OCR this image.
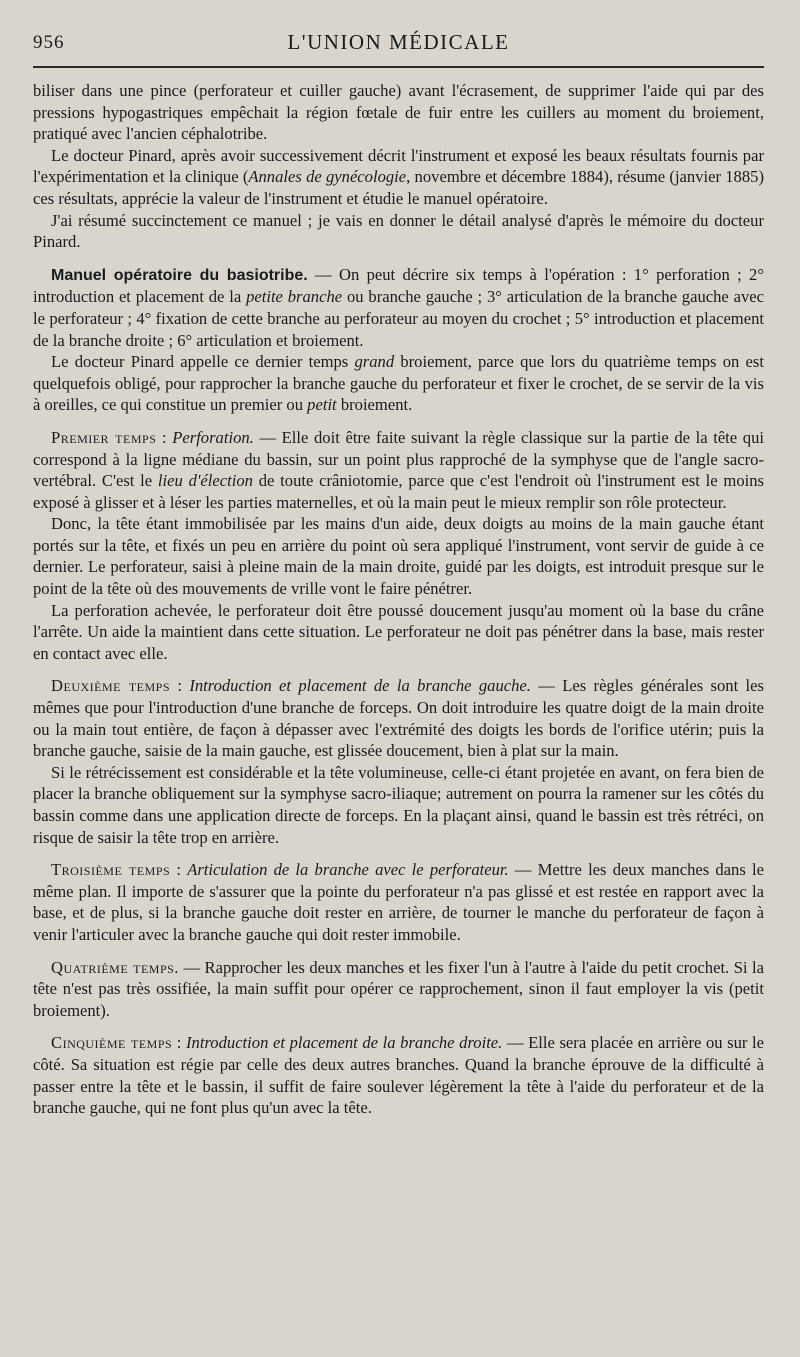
956	L'UNION MÉDICALE

biliser dans une pince (perforateur et cuiller gauche) avant l'écrasement, de supprimer l'aide qui par des pressions hypogastriques empêchait la région fœtale de fuir entre les cuillers au moment du broiement, pratiqué avec l'ancien céphalotribe.

Le docteur Pinard, après avoir successivement décrit l'instrument et exposé les beaux résultats fournis par l'expérimentation et la clinique (Annales de gynécologie, novembre et décembre 1884), résume (janvier 1885) ces résultats, apprécie la valeur de l'instrument et étudie le manuel opératoire.

J'ai résumé succinctement ce manuel ; je vais en donner le détail analysé d'après le mémoire du docteur Pinard.

Manuel opératoire du basiotribe. — On peut décrire six temps à l'opération : 1° perforation ; 2° introduction et placement de la petite branche ou branche gauche ; 3° articulation de la branche gauche avec le perforateur ; 4° fixation de cette branche au perforateur au moyen du crochet ; 5° introduction et placement de la branche droite ; 6° articulation et broiement.

Le docteur Pinard appelle ce dernier temps grand broiement, parce que lors du quatrième temps on est quelquefois obligé, pour rapprocher la branche gauche du perforateur et fixer le crochet, de se servir de la vis à oreilles, ce qui constitue un premier ou petit broiement.

Premier temps : Perforation. — Elle doit être faite suivant la règle classique sur la partie de la tête qui correspond à la ligne médiane du bassin, sur un point plus rapproché de la symphyse que de l'angle sacro-vertébral. C'est le lieu d'élection de toute crâniotomie, parce que c'est l'endroit où l'instrument est le moins exposé à glisser et à léser les parties maternelles, et où la main peut le mieux remplir son rôle protecteur.

Donc, la tête étant immobilisée par les mains d'un aide, deux doigts au moins de la main gauche étant portés sur la tête, et fixés un peu en arrière du point où sera appliqué l'instrument, vont servir de guide à ce dernier. Le perforateur, saisi à pleine main de la main droite, guidé par les doigts, est introduit presque sur le point de la tête où des mouvements de vrille vont le faire pénétrer.

La perforation achevée, le perforateur doit être poussé doucement jusqu'au moment où la base du crâne l'arrête. Un aide la maintient dans cette situation. Le perforateur ne doit pas pénétrer dans la base, mais rester en contact avec elle.

Deuxième temps : Introduction et placement de la branche gauche. — Les règles générales sont les mêmes que pour l'introduction d'une branche de forceps. On doit introduire les quatre doigt de la main droite ou la main tout entière, de façon à dépasser avec l'extrémité des doigts les bords de l'orifice utérin; puis la branche gauche, saisie de la main gauche, est glissée doucement, bien à plat sur la main.

Si le rétrécissement est considérable et la tête volumineuse, celle-ci étant projetée en avant, on fera bien de placer la branche obliquement sur la symphyse sacro-iliaque; autrement on pourra la ramener sur les côtés du bassin comme dans une application directe de forceps. En la plaçant ainsi, quand le bassin est très rétréci, on risque de saisir la tête trop en arrière.

Troisième temps : Articulation de la branche avec le perforateur. — Mettre les deux manches dans le même plan. Il importe de s'assurer que la pointe du perforateur n'a pas glissé et est restée en rapport avec la base, et de plus, si la branche gauche doit rester en arrière, de tourner le manche du perforateur de façon à venir l'articuler avec la branche gauche qui doit rester immobile.

Quatrième temps. — Rapprocher les deux manches et les fixer l'un à l'autre à l'aide du petit crochet. Si la tête n'est pas très ossifiée, la main suffit pour opérer ce rapprochement, sinon il faut employer la vis (petit broiement).

Cinquième temps : Introduction et placement de la branche droite. — Elle sera placée en arrière ou sur le côté. Sa situation est régie par celle des deux autres branches. Quand la branche éprouve de la difficulté à passer entre la tête et le bassin, il suffit de faire soulever légèrement la tête à l'aide du perforateur et de la branche gauche, qui ne font plus qu'un avec la tête.
